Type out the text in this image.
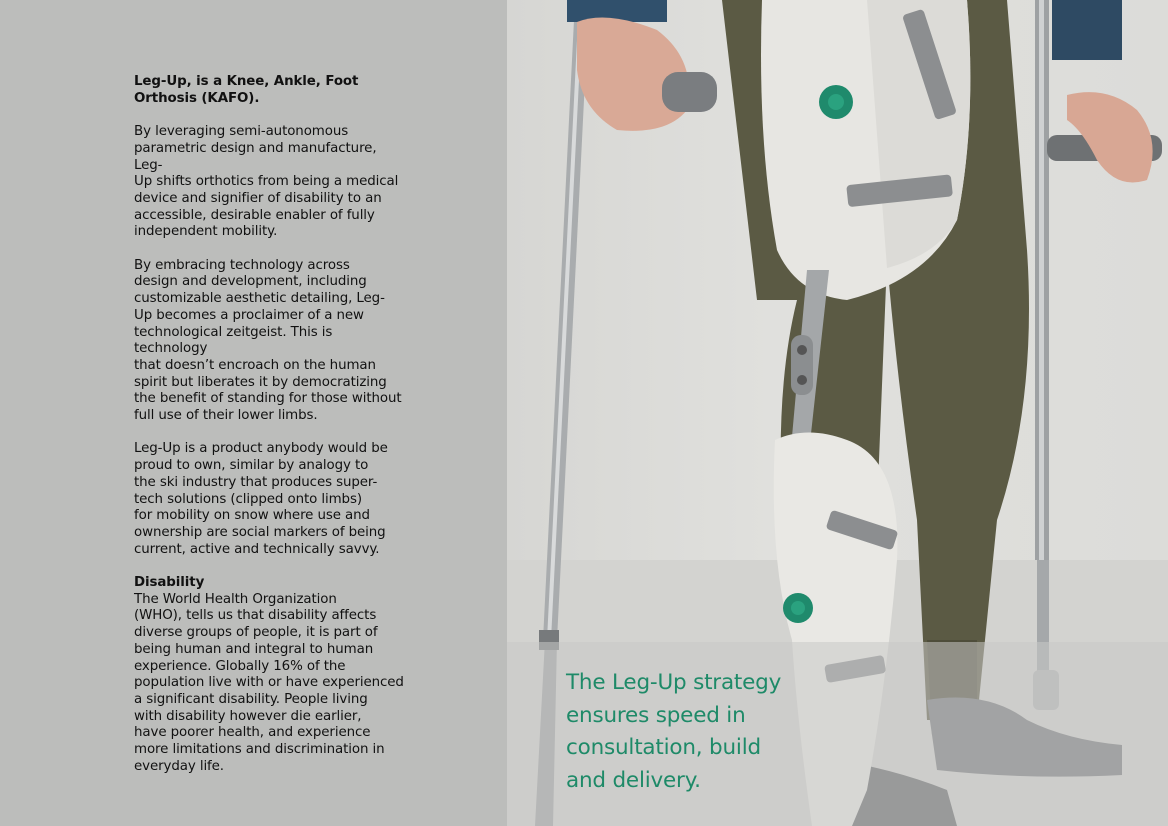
Leg-Up, is a Knee, Ankle, Foot
Orthosis (KAFO).

By leveraging semi-autonomous
parametric design and manufacture, Leg-
Up shifts orthotics from being a medical
device and signifier of disability to an
accessible, desirable enabler of fully
independent mobility.

By embracing technology across
design and development, including
customizable aesthetic detailing, Leg-
Up becomes a proclaimer of a new
technological zeitgeist. This is technology
that doesn’t encroach on the human
spirit but liberates it by democratizing
the benefit of standing for those without
full use of their lower limbs.

Leg-Up is a product anybody would be
proud to own, similar by analogy to
the ski industry that produces super-
tech solutions (clipped onto limbs)
for mobility on snow where use and
ownership are social markers of being
current, active and technically savvy.

Disability

The World Health Organization
(WHO), tells us that disability affects
diverse groups of people, it is part of
being human and integral to human
experience. Globally 16% of the
population live with or have experienced
a significant disability. People living
with disability however die earlier,
have poorer health, and experience
more limitations and discrimination in
everyday life.

The Leg-Up strategy
ensures speed in
consultation, build
and delivery.
